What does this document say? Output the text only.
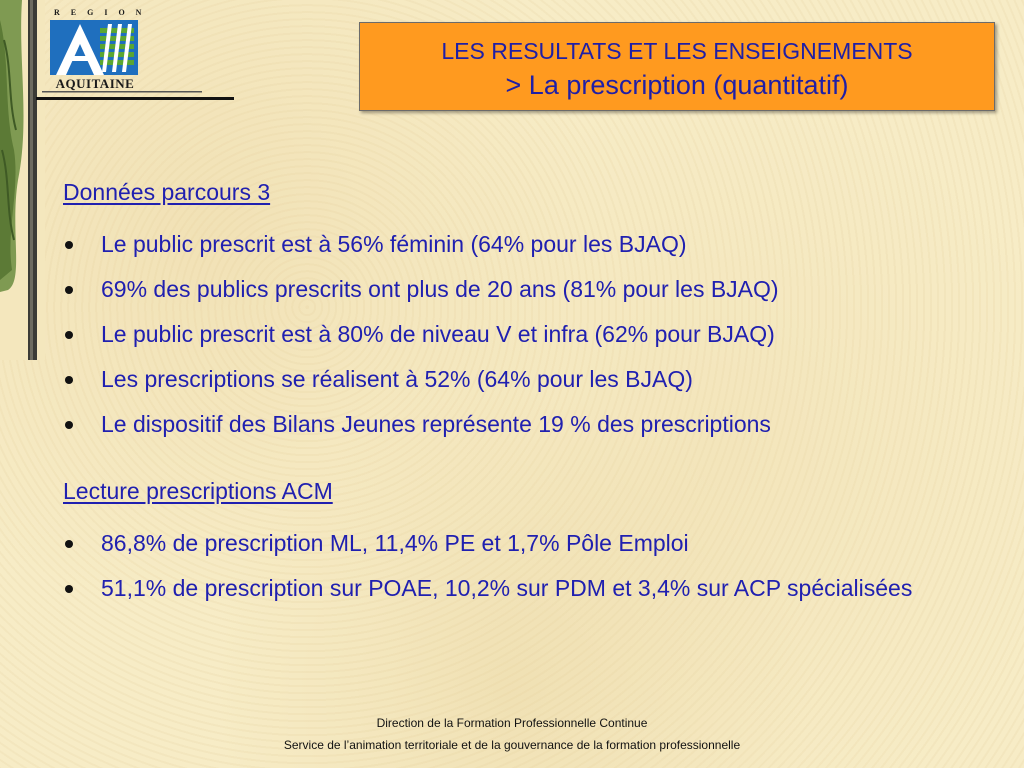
REGION
AQUITAINE
LES RESULTATS ET LES ENSEIGNEMENTS
> La prescription (quantitatif)
Données parcours 3
Le public prescrit est à 56% féminin (64% pour les BJAQ)
69% des publics prescrits ont plus de 20 ans (81% pour les BJAQ)
Le public prescrit est à 80% de niveau V et infra (62% pour BJAQ)
Les prescriptions se réalisent à 52% (64% pour les BJAQ)
Le dispositif des Bilans Jeunes représente 19 % des prescriptions
Lecture prescriptions ACM
86,8% de prescription ML, 11,4% PE et 1,7% Pôle Emploi
51,1% de prescription sur POAE, 10,2% sur PDM et 3,4% sur ACP spécialisées
Direction de la Formation Professionnelle Continue
Service de l’animation territoriale et de la gouvernance de la formation professionnelle
